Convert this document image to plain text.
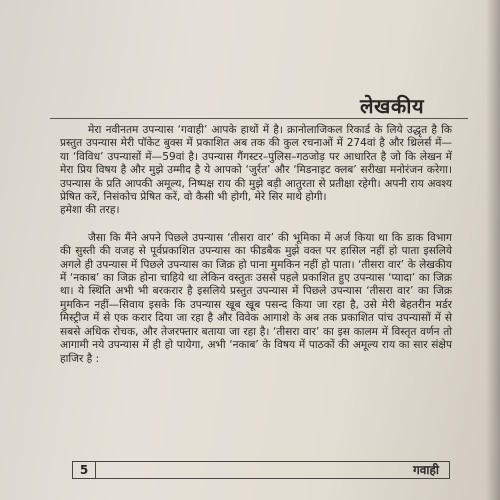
लेखकीय

मेरा नवीनतम उपन्यास ‘गवाही’ आपके हाथों में है। क्रानोलाजिकल रिकार्ड के लिये उद्धृत है कि प्रस्तुत उपन्यास मेरी पॉकेट बुक्स में प्रकाशित अब तक की कुल रचनाओं में 274वां है और थ्रिलर्स में—या ‘विविध’ उपन्यासों में—59वां है। उपन्यास गैंगस्टर–पुलिस–गठजोड़ पर आधारित है जो कि लेखन में मेरा प्रिय विषय है और मुझे उम्मीद है ये आपको ‘जुर्रत’ और ‘मिडनाइट क्लब’ सरीखा मनोरंजन करेगा। उपन्यास के प्रति आपकी अमूल्य, निष्पक्ष राय की मुझे बड़ी आतुरता से प्रतीक्षा रहेगी। अपनी राय अवश्य प्रेषित करें, निसंकोच प्रेषित करें, वो कैसी भी होगी, मेरे सिर माथे होगी।

हमेशा की तरह।

जैसा कि मैंने अपने पिछले उपन्यास ‘तीसरा वार’ की भूमिका में अर्ज किया था कि डाक विभाग की सुस्ती की वजह से पूर्वप्रकाशित उपन्यास का फीडबैक मुझे वक्त पर हासिल नहीं हो पाता इसलिये अगले ही उपन्यास में पिछले उपन्यास का जिक्र हो पाना मुमकिन नहीं हो पाता। ‘तीसरा वार’ के लेखकीय में ‘नकाब’ का जिक्र होना चाहिये था लेकिन वस्तुतः उससे पहले प्रकाशित हुए उपन्यास ‘प्यादा’ का जिक्र था। ये स्थिति अभी भी बरकरार है इसलिये प्रस्तुत उपन्यास में पिछले उपन्यास ‘तीसरा वार’ का जिक्र मुमकिन नहीं—सिवाय इसके कि उपन्यास खूब खूब पसन्द किया जा रहा है, उसे मेरी बेहतरीन मर्डर मिस्ट्रीज में से एक करार दिया जा रहा है और विवेक आगाशे के अब तक प्रकाशित पांच उपन्यासों में से सबसे अधिक रोचक, और तेजरफ्तार बताया जा रहा है। ‘तीसरा वार’ का इस कालम में विस्तृत वर्णन तो आगामी नये उपन्यास में ही हो पायेगा, अभी ‘नकाब’ के विषय में पाठकों की अमूल्य राय का सार संक्षेप हाजिर है :

5	गवाही
